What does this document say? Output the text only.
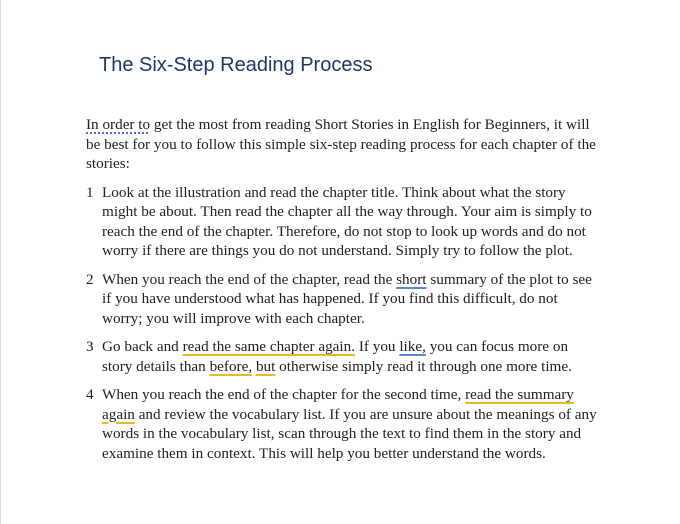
The Six-Step Reading Process

In order to get the most from reading Short Stories in English for Beginners, it will be best for you to follow this simple six-step reading process for each chapter of the stories:

1 Look at the illustration and read the chapter title. Think about what the story might be about. Then read the chapter all the way through. Your aim is simply to reach the end of the chapter. Therefore, do not stop to look up words and do not worry if there are things you do not understand. Simply try to follow the plot.
2 When you reach the end of the chapter, read the short summary of the plot to see if you have understood what has happened. If you find this difficult, do not worry; you will improve with each chapter.
3 Go back and read the same chapter again. If you like, you can focus more on story details than before, but otherwise simply read it through one more time.
4 When you reach the end of the chapter for the second time, read the summary again and review the vocabulary list. If you are unsure about the meanings of any words in the vocabulary list, scan through the text to find them in the story and examine them in context. This will help you better understand the words.
